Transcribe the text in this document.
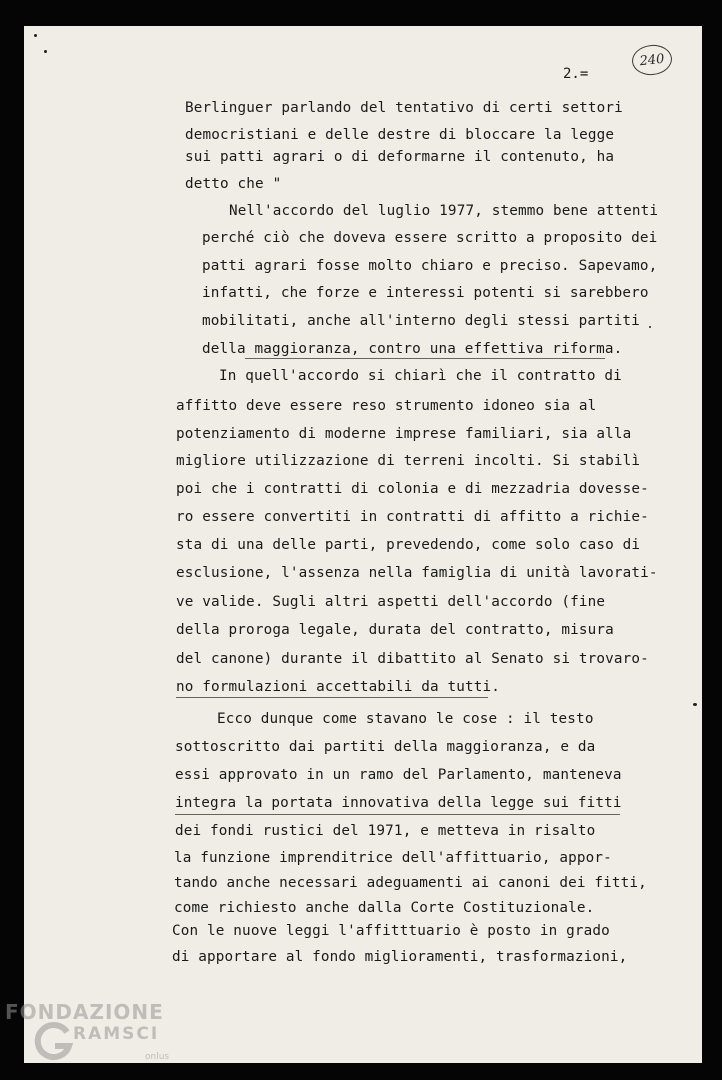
2.=
240
Berlinguer parlando del tentativo di certi settori
democristiani e delle destre di bloccare la legge
sui patti agrari o di deformarne il contenuto, ha
detto che "
Nell'accordo del luglio 1977, stemmo bene attenti
perché ciò che doveva essere scritto a proposito dei
patti agrari fosse molto chiaro e preciso. Sapevamo,
infatti, che forze e interessi potenti si sarebbero
mobilitati, anche all'interno degli stessi partiti
della maggioranza, contro una effettiva riforma.
In quell'accordo si chiarì che il contratto di
affitto deve essere reso strumento idoneo sia al
potenziamento di moderne imprese familiari, sia alla
migliore utilizzazione di terreni incolti. Si stabilì
poi che i contratti di colonia e di mezzadria dovesse-
ro essere convertiti in contratti di affitto a richie-
sta di una delle parti, prevedendo, come solo caso di
esclusione, l'assenza nella famiglia di unità lavorati-
ve valide. Sugli altri aspetti dell'accordo (fine
della proroga legale, durata del contratto, misura
del canone) durante il dibattito al Senato si trovaro-
no formulazioni accettabili da tutti.
Ecco dunque come stavano le cose : il testo
sottoscritto dai partiti della maggioranza, e da
essi approvato in un ramo del Parlamento, manteneva
integra la portata innovativa della legge sui fitti
dei fondi rustici del 1971, e metteva in risalto
la funzione imprenditrice dell'affittuario, appor-
tando anche necessari adeguamenti ai canoni dei fitti,
come richiesto anche dalla Corte Costituzionale.
Con le nuove leggi l'affitttuario è posto in grado
di apportare al fondo miglioramenti, trasformazioni,
FONDAZIONE
RAMSCI
onlus
